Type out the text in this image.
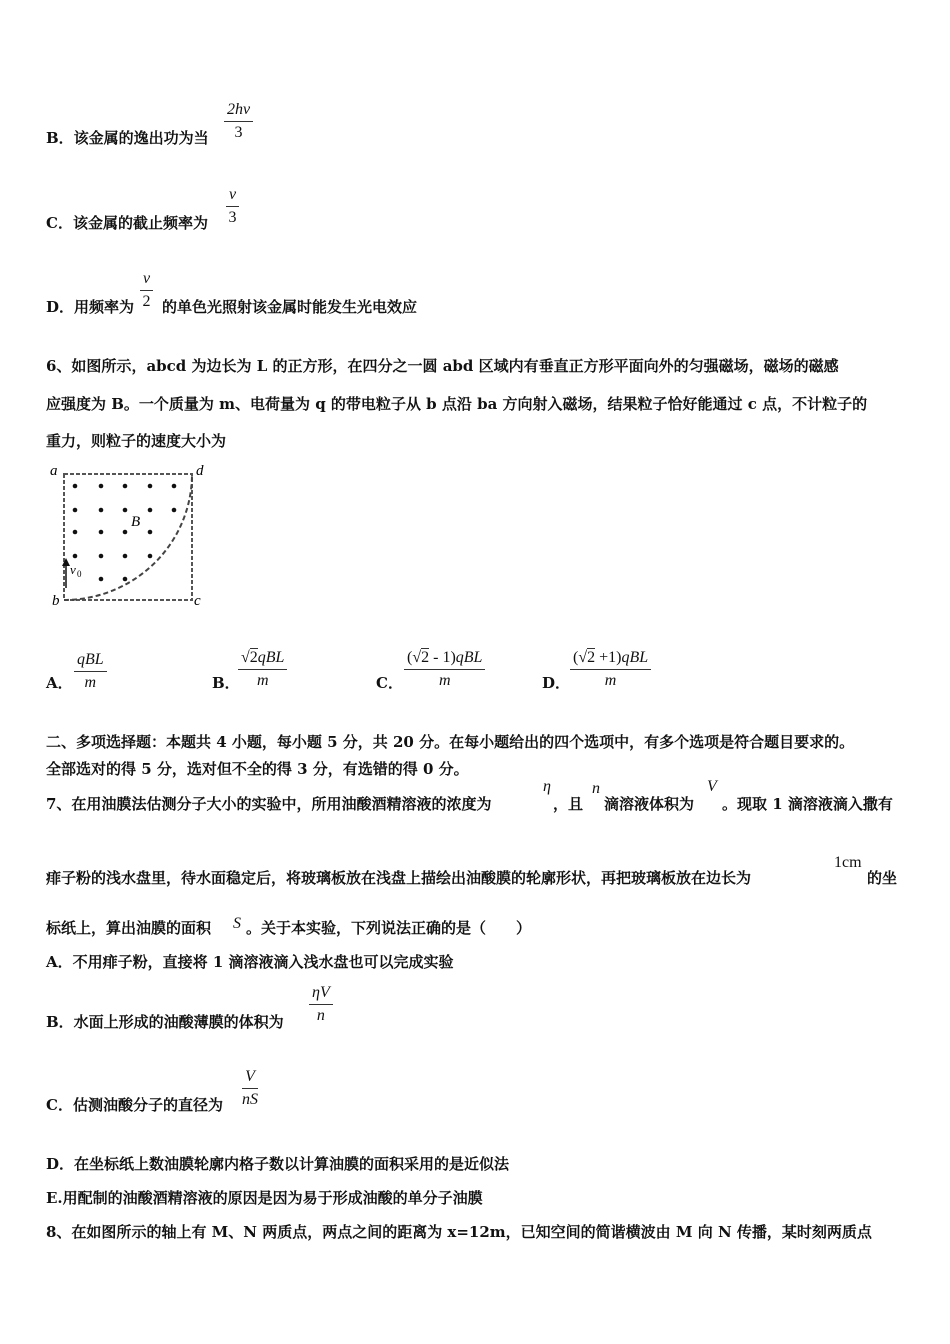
B．该金属的逸出功为当
2hν
3
C．该金属的截止频率为
ν
3
D．用频率为
ν
2 的单色光照射该金属时能发生光电效应
6、如图所示，abcd 为边长为 L 的正方形，在四分之一圆 abd 区域内有垂直正方形平面向外的匀强磁场，磁场的磁感
应强度为 B。一个质量为 m、电荷量为 q 的带电粒子从 b 点沿 ba 方向射入磁场，结果粒子恰好能通过 c 点，不计粒子的
重力，则粒子的速度大小为
a	d
b	c
B
v 0
A．
qBL
m	B．
√2qBL
m	C．
(√2 - 1)qBL
m	D．
(√2 +1)qBL
m
二、多项选择题：本题共 4 小题，每小题 5 分，共 20 分。在每小题给出的四个选项中，有多个选项是符合题目要求的。
全部选对的得 5 分，选对但不全的得 3 分，有选错的得 0 分。
7、在用油膜法估测分子大小的实验中，所用油酸酒精溶液的浓度为
η
，且
n
滴溶液体积为
V
。现取 1 滴溶液滴入撒有
痱子粉的浅水盘里，待水面稳定后，将玻璃板放在浅盘上描绘出油酸膜的轮廓形状，再把玻璃板放在边长为
1cm
的坐
标纸上，算出油膜的面积 S 。关于本实验，下列说法正确的是（　　）
A．不用痱子粉，直接将 1 滴溶液滴入浅水盘也可以完成实验
B．水面上形成的油酸薄膜的体积为
ηV
n
C．估测油酸分子的直径为
V
nS
D．在坐标纸上数油膜轮廓内格子数以计算油膜的面积采用的是近似法
E.用配制的油酸酒精溶液的原因是因为易于形成油酸的单分子油膜
8、在如图所示的轴上有 M、N 两质点，两点之间的距离为 x=12m，已知空间的简谐横波由 M 向 N 传播，某时刻两质点
